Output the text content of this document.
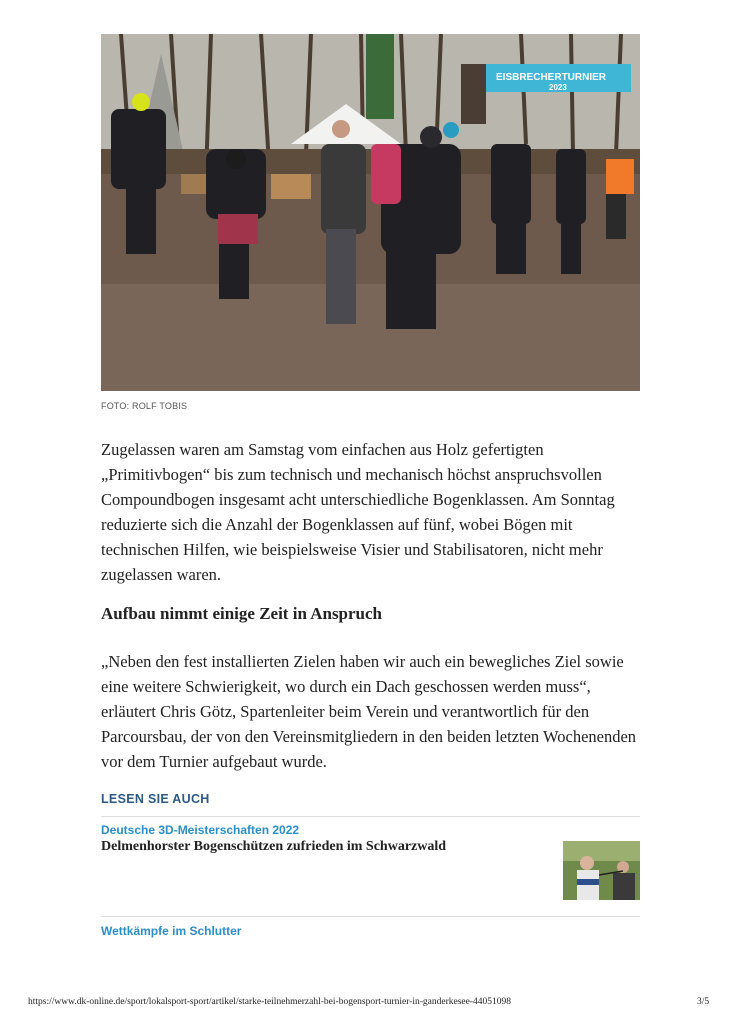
EISBRECHERTURNIER
2023

FOTO: ROLF TOBIS

Zugelassen waren am Samstag vom einfachen aus Holz gefertigten „Primitivbogen“ bis zum technisch und mechanisch höchst anspruchsvollen Compoundbogen insgesamt acht unterschiedliche Bogenklassen. Am Sonntag reduzierte sich die Anzahl der Bogenklassen auf fünf, wobei Bögen mit technischen Hilfen, wie beispielsweise Visier und Stabilisatoren, nicht mehr zugelassen waren.

Aufbau nimmt einige Zeit in Anspruch

„Neben den fest installierten Zielen haben wir auch ein bewegliches Ziel sowie eine weitere Schwierigkeit, wo durch ein Dach geschossen werden muss“, erläutert Chris Götz, Spartenleiter beim Verein und verantwortlich für den Parcoursbau, der von den Vereinsmitgliedern in den beiden letzten Wochenenden vor dem Turnier aufgebaut wurde.

LESEN SIE AUCH

Deutsche 3D-Meisterschaften 2022

Delmenhorster Bogenschützen zufrieden im Schwarzwald

Wettkämpfe im Schlutter

https://www.dk-online.de/sport/lokalsport-sport/artikel/starke-teilnehmerzahl-bei-bogensport-turnier-in-ganderkesee-44051098	3/5
